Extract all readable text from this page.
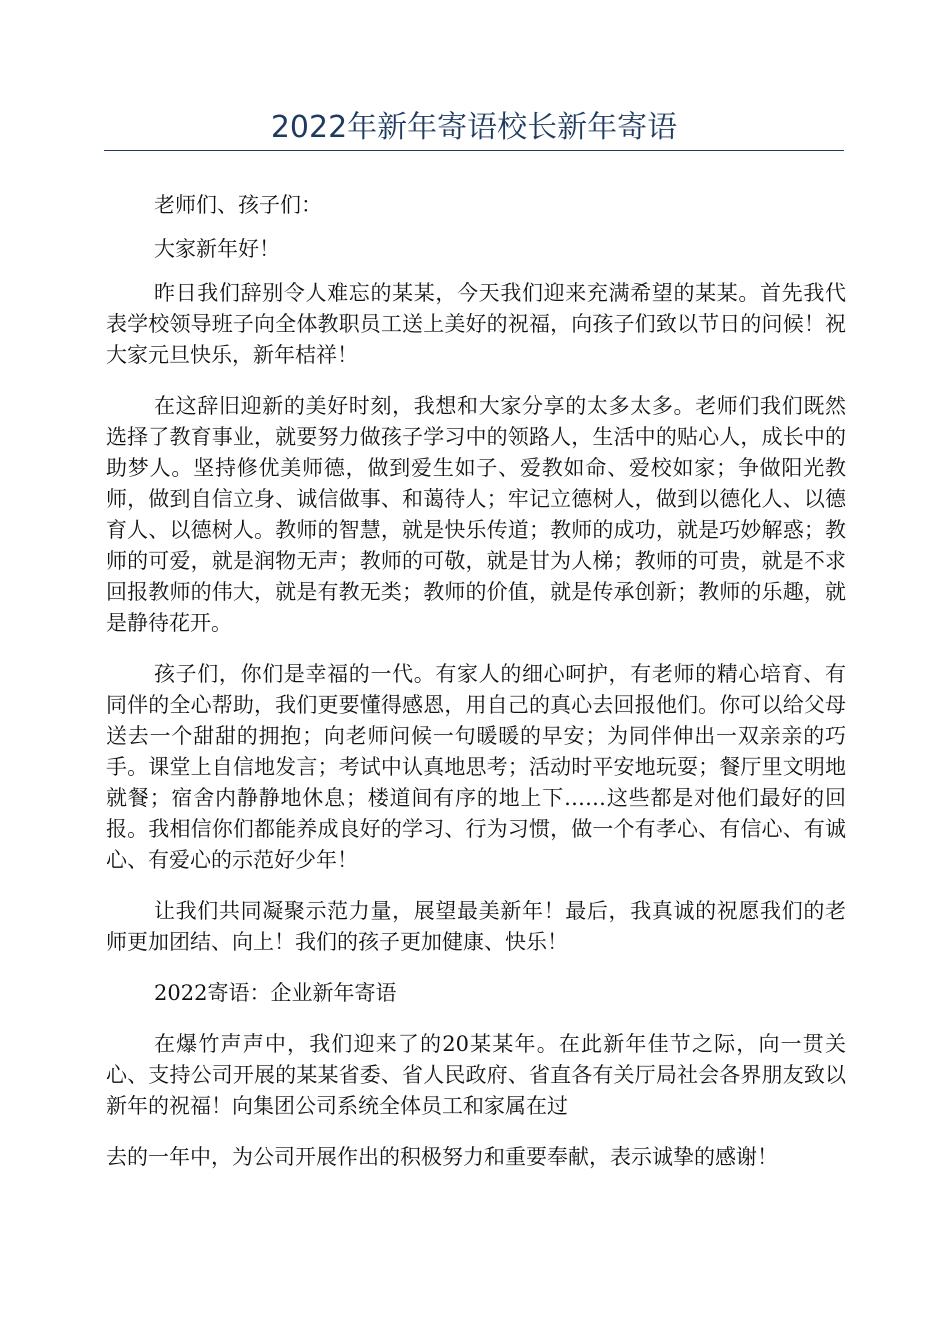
2022年新年寄语校长新年寄语

老师们、孩子们：

大家新年好！

昨日我们辞别令人难忘的某某，今天我们迎来充满希望的某某。首先我代表学校领导班子向全体教职员工送上美好的祝福，向孩子们致以节日的问候！祝大家元旦快乐，新年桔祥！

在这辞旧迎新的美好时刻，我想和大家分享的太多太多。老师们我们既然选择了教育事业，就要努力做孩子学习中的领路人，生活中的贴心人，成长中的助梦人。坚持修优美师德，做到爱生如子、爱教如命、爱校如家；争做阳光教师，做到自信立身、诚信做事、和蔼待人；牢记立德树人，做到以德化人、以德育人、以德树人。教师的智慧，就是快乐传道；教师的成功，就是巧妙解惑；教师的可爱，就是润物无声；教师的可敬，就是甘为人梯；教师的可贵，就是不求回报教师的伟大，就是有教无类；教师的价值，就是传承创新；教师的乐趣，就是静待花开。

孩子们，你们是幸福的一代。有家人的细心呵护，有老师的精心培育、有同伴的全心帮助，我们更要懂得感恩，用自己的真心去回报他们。你可以给父母送去一个甜甜的拥抱；向老师问候一句暖暖的早安；为同伴伸出一双亲亲的巧手。课堂上自信地发言；考试中认真地思考；活动时平安地玩耍；餐厅里文明地就餐；宿舍内静静地休息；楼道间有序的地上下……这些都是对他们最好的回报。我相信你们都能养成良好的学习、行为习惯，做一个有孝心、有信心、有诚心、有爱心的示范好少年！

让我们共同凝聚示范力量，展望最美新年！最后，我真诚的祝愿我们的老师更加团结、向上！我们的孩子更加健康、快乐！

2022寄语：企业新年寄语

在爆竹声声中，我们迎来了的20某某年。在此新年佳节之际，向一贯关心、支持公司开展的某某省委、省人民政府、省直各有关厅局社会各界朋友致以新年的祝福！向集团公司系统全体员工和家属在过

去的一年中，为公司开展作出的积极努力和重要奉献，表示诚挚的感谢！
